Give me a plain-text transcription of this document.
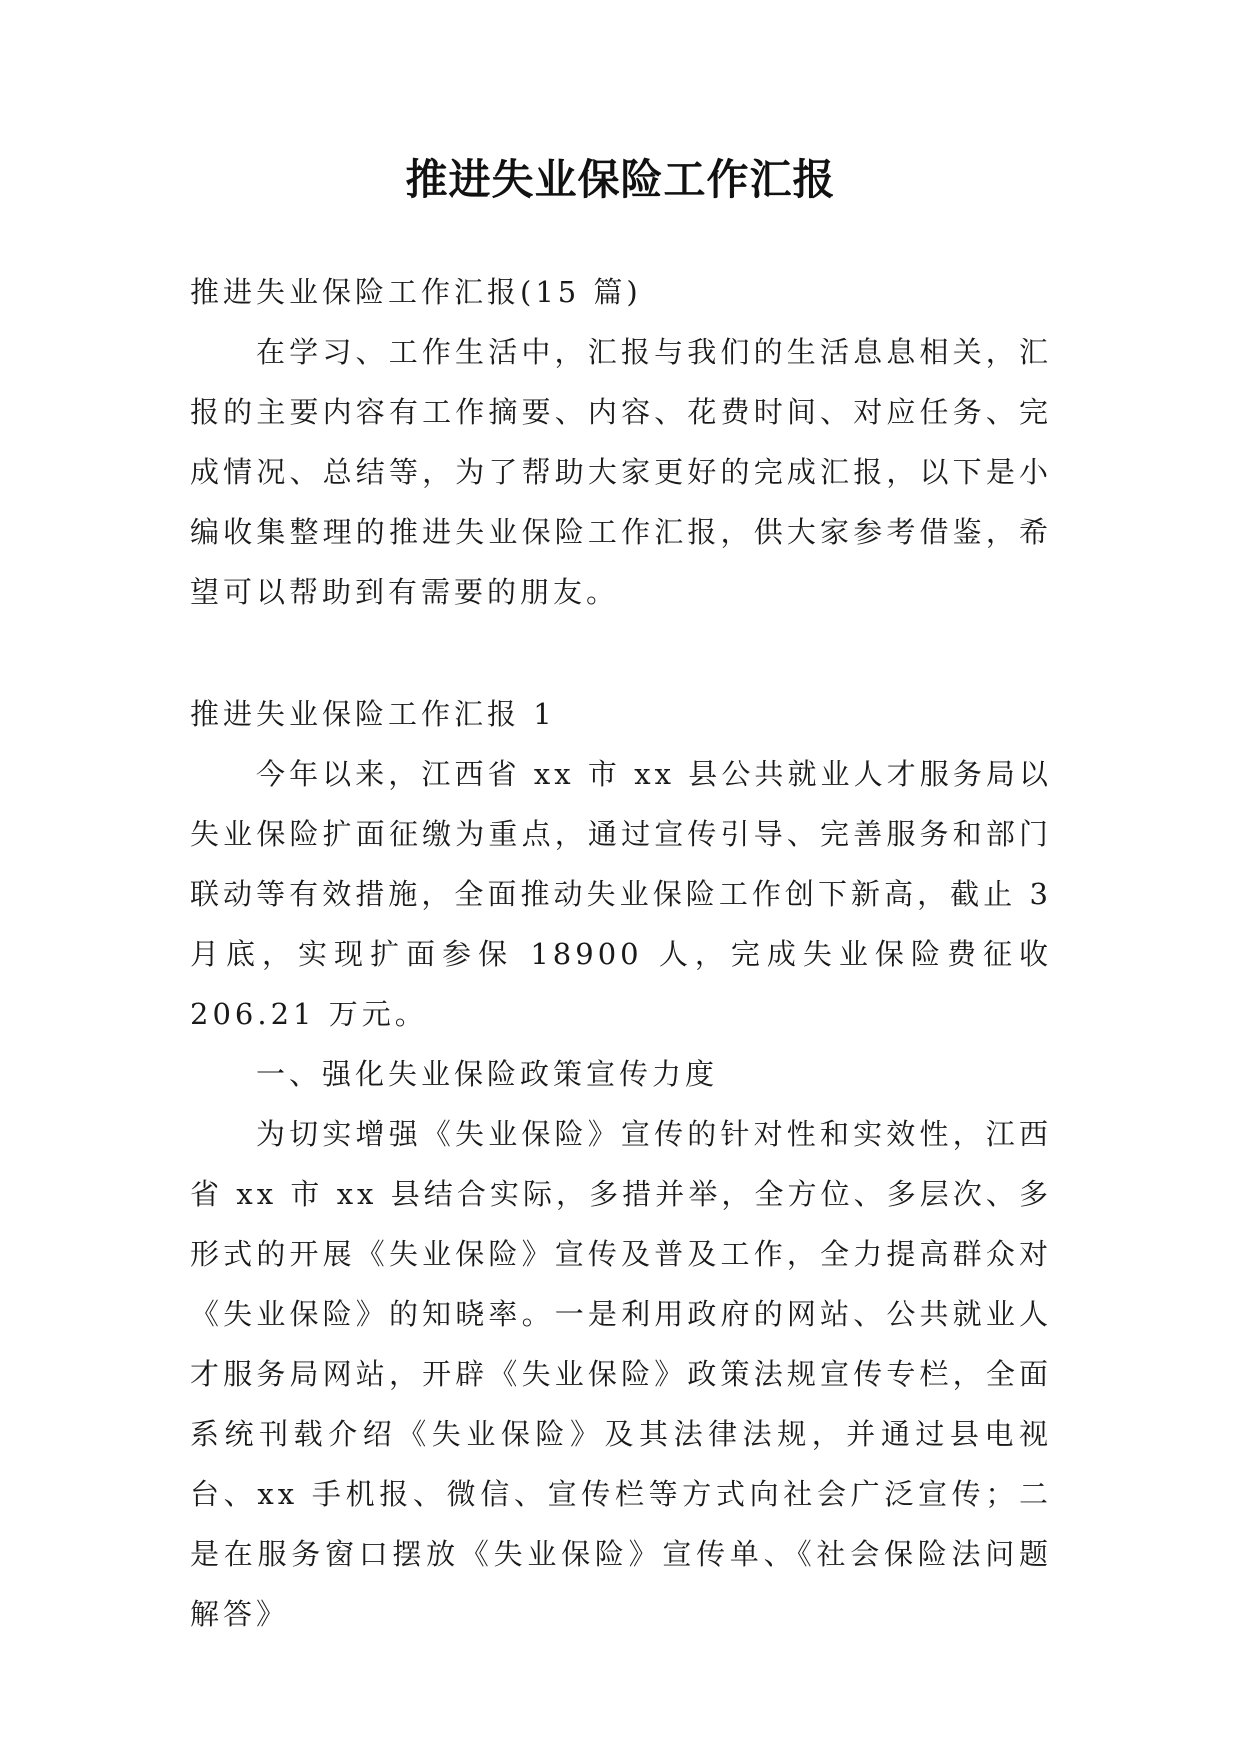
推进失业保险工作汇报

推进失业保险工作汇报(15 篇)

在学习、工作生活中，汇报与我们的生活息息相关，汇报的主要内容有工作摘要、内容、花费时间、对应任务、完成情况、总结等，为了帮助大家更好的完成汇报，以下是小编收集整理的推进失业保险工作汇报，供大家参考借鉴，希望可以帮助到有需要的朋友。

推进失业保险工作汇报 1

今年以来，江西省 xx 市 xx 县公共就业人才服务局以失业保险扩面征缴为重点，通过宣传引导、完善服务和部门联动等有效措施，全面推动失业保险工作创下新高，截止 3 月底，实现扩面参保 18900 人，完成失业保险费征收 206.21 万元。

一、强化失业保险政策宣传力度

为切实增强《失业保险》宣传的针对性和实效性，江西省 xx 市 xx 县结合实际，多措并举，全方位、多层次、多形式的开展《失业保险》宣传及普及工作，全力提高群众对《失业保险》的知晓率。一是利用政府的网站、公共就业人才服务局网站，开辟《失业保险》政策法规宣传专栏，全面系统刊载介绍《失业保险》及其法律法规，并通过县电视台、xx 手机报、微信、宣传栏等方式向社会广泛宣传；二是在服务窗口摆放《失业保险》宣传单、《社会保险法问题解答》
